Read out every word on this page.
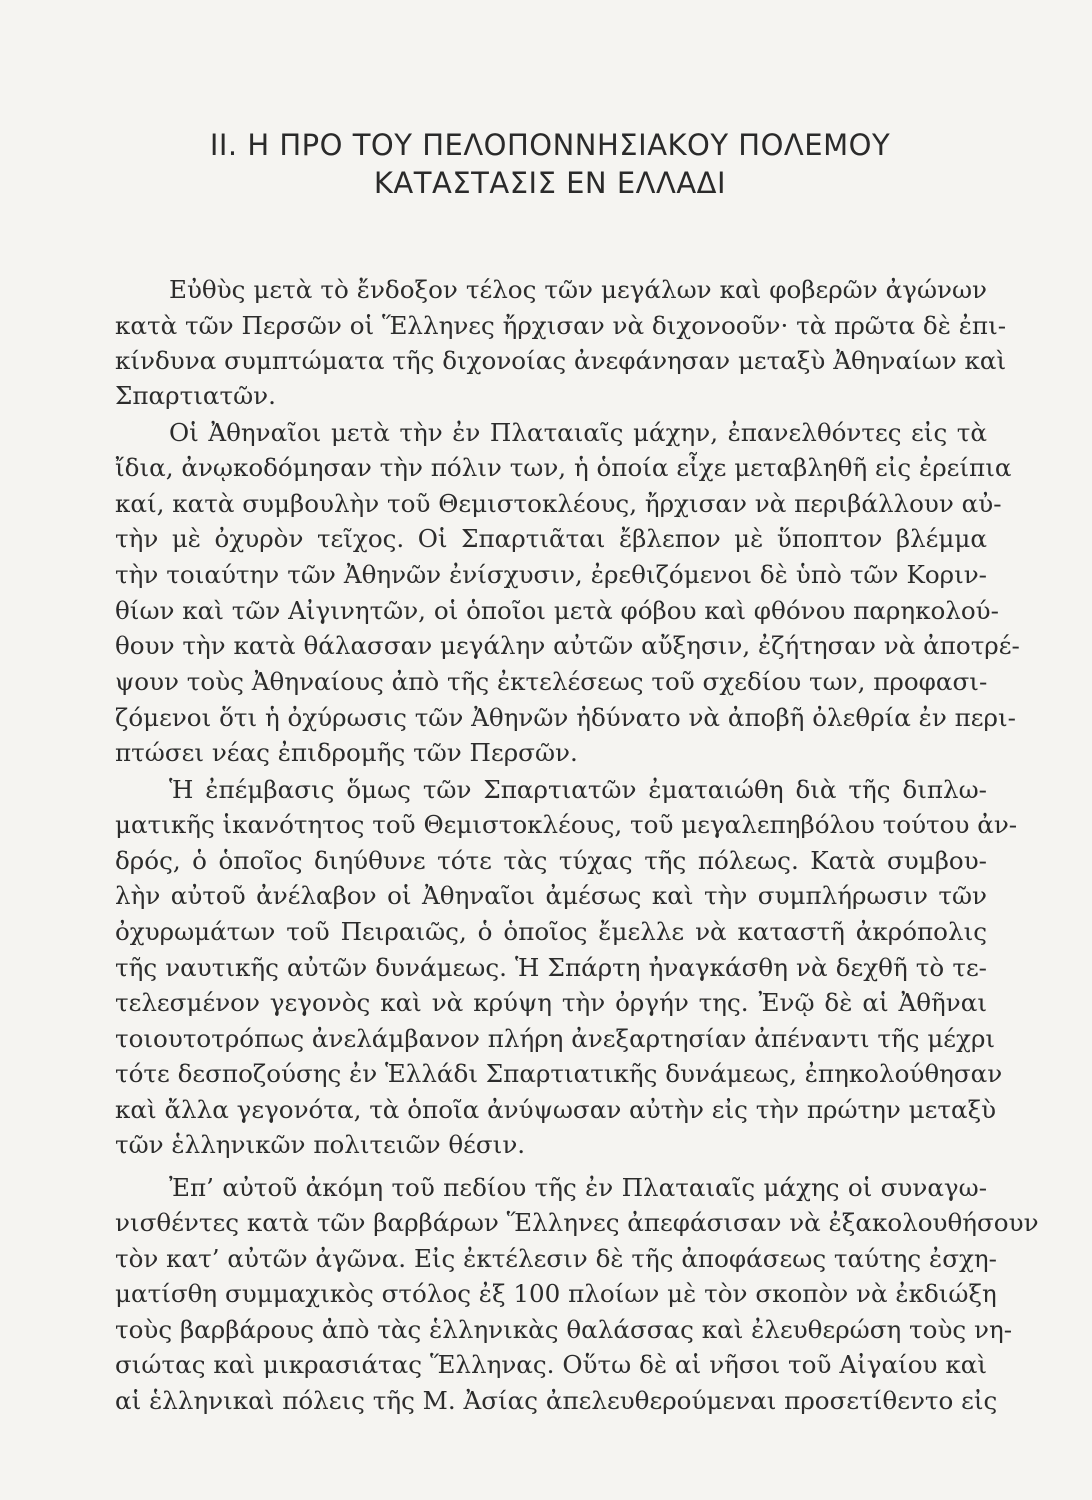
II. Η ΠΡΟ ΤΟΥ ΠΕΛΟΠΟΝΝΗΣΙΑΚΟΥ ΠΟΛΕΜΟΥ
ΚΑΤΑΣΤΑΣΙΣ ΕΝ ΕΛΛΑΔΙ
Εὐθὺς μετὰ τὸ ἔνδοξον τέλος τῶν μεγάλων καὶ φοβερῶν ἀγώνων
κατὰ τῶν Περσῶν οἱ Ἕλληνες ἤρχισαν νὰ διχονοοῦν· τὰ πρῶτα δὲ ἐπι-
κίνδυνα συμπτώματα τῆς διχονοίας ἀνεφάνησαν μεταξὺ Ἀθηναίων καὶ
Σπαρτιατῶν.
Οἱ Ἀθηναῖοι μετὰ τὴν ἐν Πλαταιαῖς μάχην, ἐπανελθόντες εἰς τὰ
ἴδια, ἀνῳκοδόμησαν τὴν πόλιν των, ἡ ὁποία εἶχε μεταβληθῆ εἰς ἐρείπια
καί, κατὰ συμβουλὴν τοῦ Θεμιστοκλέους, ἤρχισαν νὰ περιβάλλουν αὐ-
τὴν μὲ ὀχυρὸν τεῖχος. Οἱ Σπαρτιᾶται ἔβλεπον μὲ ὕποπτον βλέμμα
τὴν τοιαύτην τῶν Ἀθηνῶν ἐνίσχυσιν, ἐρεθιζόμενοι δὲ ὑπὸ τῶν Κοριν-
θίων καὶ τῶν Αἰγινητῶν, οἱ ὁποῖοι μετὰ φόβου καὶ φθόνου παρηκολού-
θουν τὴν κατὰ θάλασσαν μεγάλην αὐτῶν αὔξησιν, ἐζήτησαν νὰ ἀποτρέ-
ψουν τοὺς Ἀθηναίους ἀπὸ τῆς ἐκτελέσεως τοῦ σχεδίου των, προφασι-
ζόμενοι ὅτι ἡ ὀχύρωσις τῶν Ἀθηνῶν ἠδύνατο νὰ ἀποβῆ ὀλεθρία ἐν περι-
πτώσει νέας ἐπιδρομῆς τῶν Περσῶν.
Ἡ ἐπέμβασις ὅμως τῶν Σπαρτιατῶν ἐματαιώθη διὰ τῆς διπλω-
ματικῆς ἱκανότητος τοῦ Θεμιστοκλέους, τοῦ μεγαλεπηβόλου τούτου ἀν-
δρός, ὁ ὁποῖος διηύθυνε τότε τὰς τύχας τῆς πόλεως. Κατὰ συμβου-
λὴν αὐτοῦ ἀνέλαβον οἱ Ἀθηναῖοι ἀμέσως καὶ τὴν συμπλήρωσιν τῶν
ὀχυρωμάτων τοῦ Πειραιῶς, ὁ ὁποῖος ἔμελλε νὰ καταστῆ ἀκρόπολις
τῆς ναυτικῆς αὐτῶν δυνάμεως. Ἡ Σπάρτη ἠναγκάσθη νὰ δεχθῆ τὸ τε-
τελεσμένον γεγονὸς καὶ νὰ κρύψη τὴν ὀργήν της. Ἐνῷ δὲ αἱ Ἀθῆναι
τοιουτοτρόπως ἀνελάμβανον πλήρη ἀνεξαρτησίαν ἀπέναντι τῆς μέχρι
τότε δεσποζούσης ἐν Ἑλλάδι Σπαρτιατικῆς δυνάμεως, ἐπηκολούθησαν
καὶ ἄλλα γεγονότα, τὰ ὁποῖα ἀνύψωσαν αὐτὴν εἰς τὴν πρώτην μεταξὺ
τῶν ἑλληνικῶν πολιτειῶν θέσιν.
Ἐπ’ αὐτοῦ ἀκόμη τοῦ πεδίου τῆς ἐν Πλαταιαῖς μάχης οἱ συναγω-
νισθέντες κατὰ τῶν βαρβάρων Ἕλληνες ἀπεφάσισαν νὰ ἐξακολουθήσουν
τὸν κατ’ αὐτῶν ἀγῶνα. Εἰς ἐκτέλεσιν δὲ τῆς ἀποφάσεως ταύτης ἐσχη-
ματίσθη συμμαχικὸς στόλος ἐξ 100 πλοίων μὲ τὸν σκοπὸν νὰ ἐκδιώξη
τοὺς βαρβάρους ἀπὸ τὰς ἑλληνικὰς θαλάσσας καὶ ἐλευθερώση τοὺς νη-
σιώτας καὶ μικρασιάτας Ἕλληνας. Οὕτω δὲ αἱ νῆσοι τοῦ Αἰγαίου καὶ
αἱ ἑλληνικαὶ πόλεις τῆς Μ. Ἀσίας ἀπελευθερούμεναι προσετίθεντο εἰς
